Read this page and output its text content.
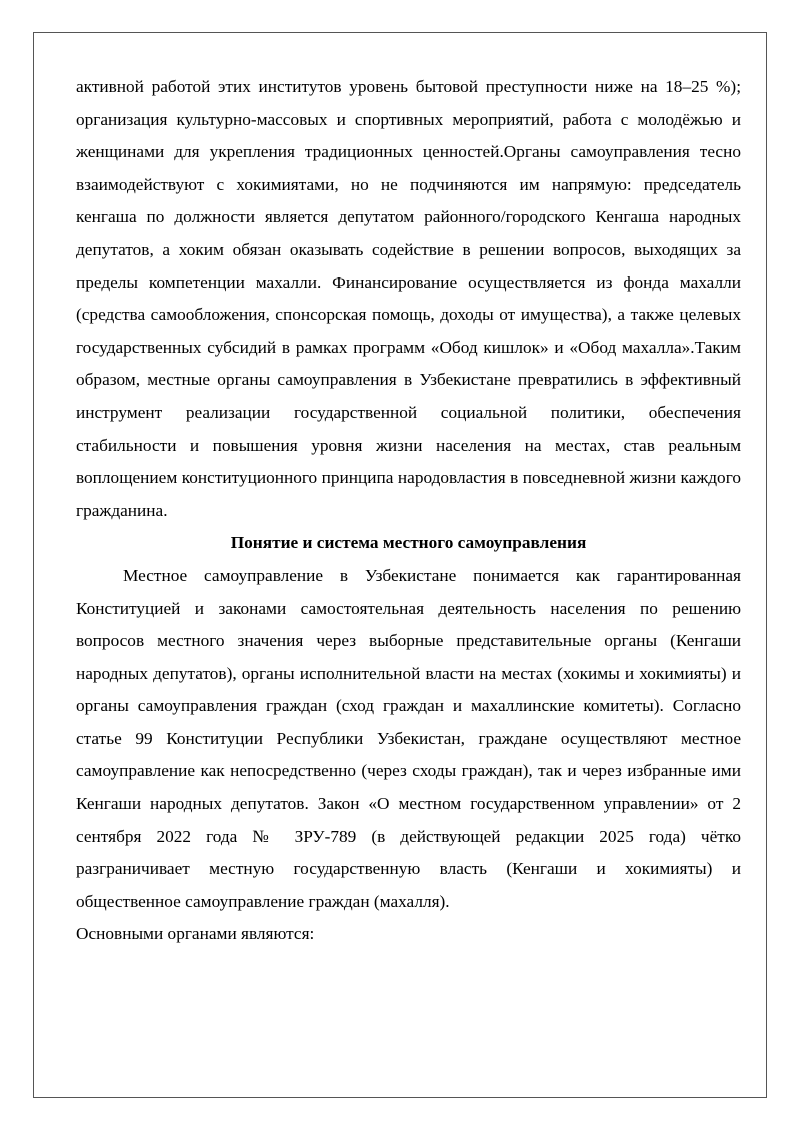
активной работой этих институтов уровень бытовой преступности ниже на 18–25 %); организация культурно-массовых и спортивных мероприятий, работа с молодёжью и женщинами для укрепления традиционных ценностей.Органы самоуправления тесно взаимодействуют с хокимиятами, но не подчиняются им напрямую: председатель кенгаша по должности является депутатом районного/городского Кенгаша народных депутатов, а хоким обязан оказывать содействие в решении вопросов, выходящих за пределы компетенции махалли. Финансирование осуществляется из фонда махалли (средства самообложения, спонсорская помощь, доходы от имущества), а также целевых государственных субсидий в рамках программ «Обод кишлок» и «Обод махалла».Таким образом, местные органы самоуправления в Узбекистане превратились в эффективный инструмент реализации государственной социальной политики, обеспечения стабильности и повышения уровня жизни населения на местах, став реальным воплощением конституционного принципа народовластия в повседневной жизни каждого гражданина.

Понятие и система местного самоуправления

Местное самоуправление в Узбекистане понимается как гарантированная Конституцией и законами самостоятельная деятельность населения по решению вопросов местного значения через выборные представительные органы (Кенгаши народных депутатов), органы исполнительной власти на местах (хокимы и хокимияты) и органы самоуправления граждан (сход граждан и махаллинские комитеты). Согласно статье 99 Конституции Республики Узбекистан, граждане осуществляют местное самоуправление как непосредственно (через сходы граждан), так и через избранные ими Кенгаши народных депутатов. Закон «О местном государственном управлении» от 2 сентября 2022 года № ЗРУ-789 (в действующей редакции 2025 года) чётко разграничивает местную государственную власть (Кенгаши и хокимияты) и общественное самоуправление граждан (махалля).

Основными органами являются:
